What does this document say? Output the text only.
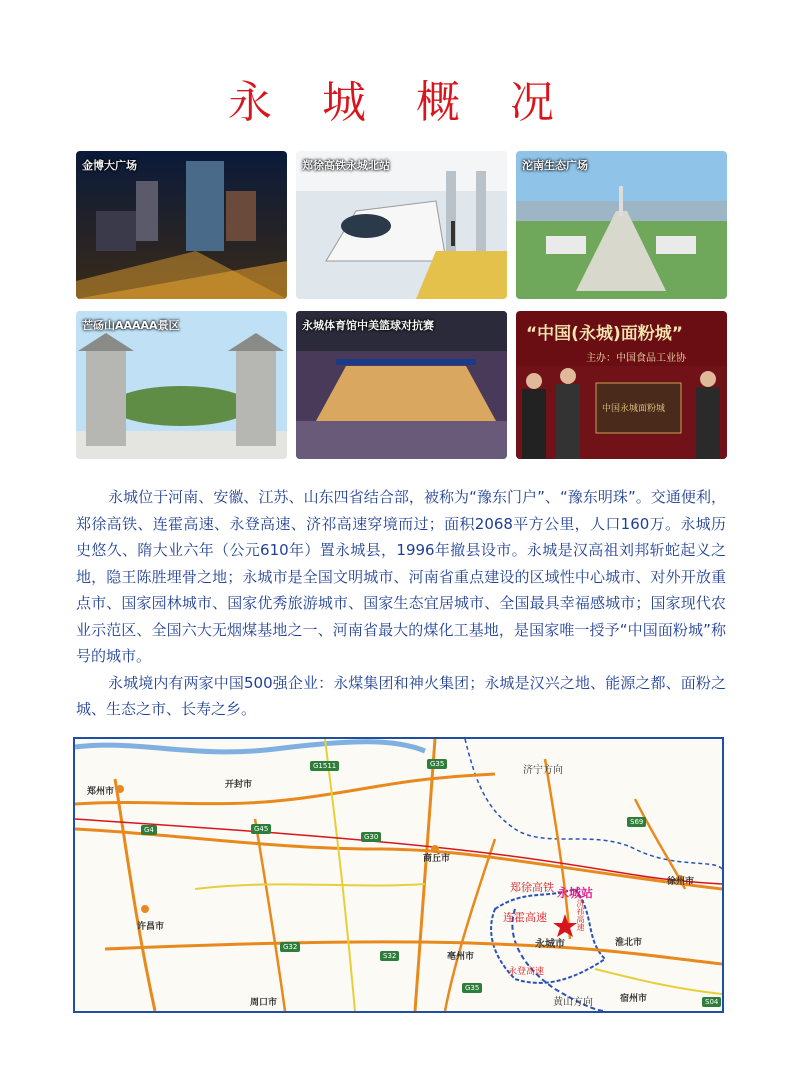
永 城 概 况
金博大广场	郑徐高铁永城北站	沱南生态广场
芒砀山AAAAA景区	永城体育馆中美篮球对抗赛	“中国(永城)面粉城”
主办：中国食品工业协
中国永城面粉城

永城位于河南、安徽、江苏、山东四省结合部，被称为“豫东门户”、“豫东明珠”。交通便利，郑徐高铁、连霍高速、永登高速、济祁高速穿境而过；面积2068平方公里，人口160万。永城历史悠久、隋大业六年（公元610年）置永城县，1996年撤县设市。永城是汉高祖刘邦斩蛇起义之地，隐王陈胜埋骨之地；永城市是全国文明城市、河南省重点建设的区域性中心城市、对外开放重点市、国家园林城市、国家优秀旅游城市、国家生态宜居城市、全国最具幸福感城市；国家现代农业示范区、全国六大无烟煤基地之一、河南省最大的煤化工基地，是国家唯一授予“中国面粉城”称号的城市。

永城境内有两家中国500强企业：永煤集团和神火集团；永城是汉兴之地、能源之都、面粉之城、生态之市、长寿之乡。

郑州市
开封市
许昌市
周口市
商丘市
亳州市
永城市	淮北市
徐州市
宿州市
G1511	G35
G4	G45
G30
S69
G32
S32
G35
S04
济宁方向
黄山方向
郑徐高铁 永城站
连霍高速
永登高速
济祁高速
